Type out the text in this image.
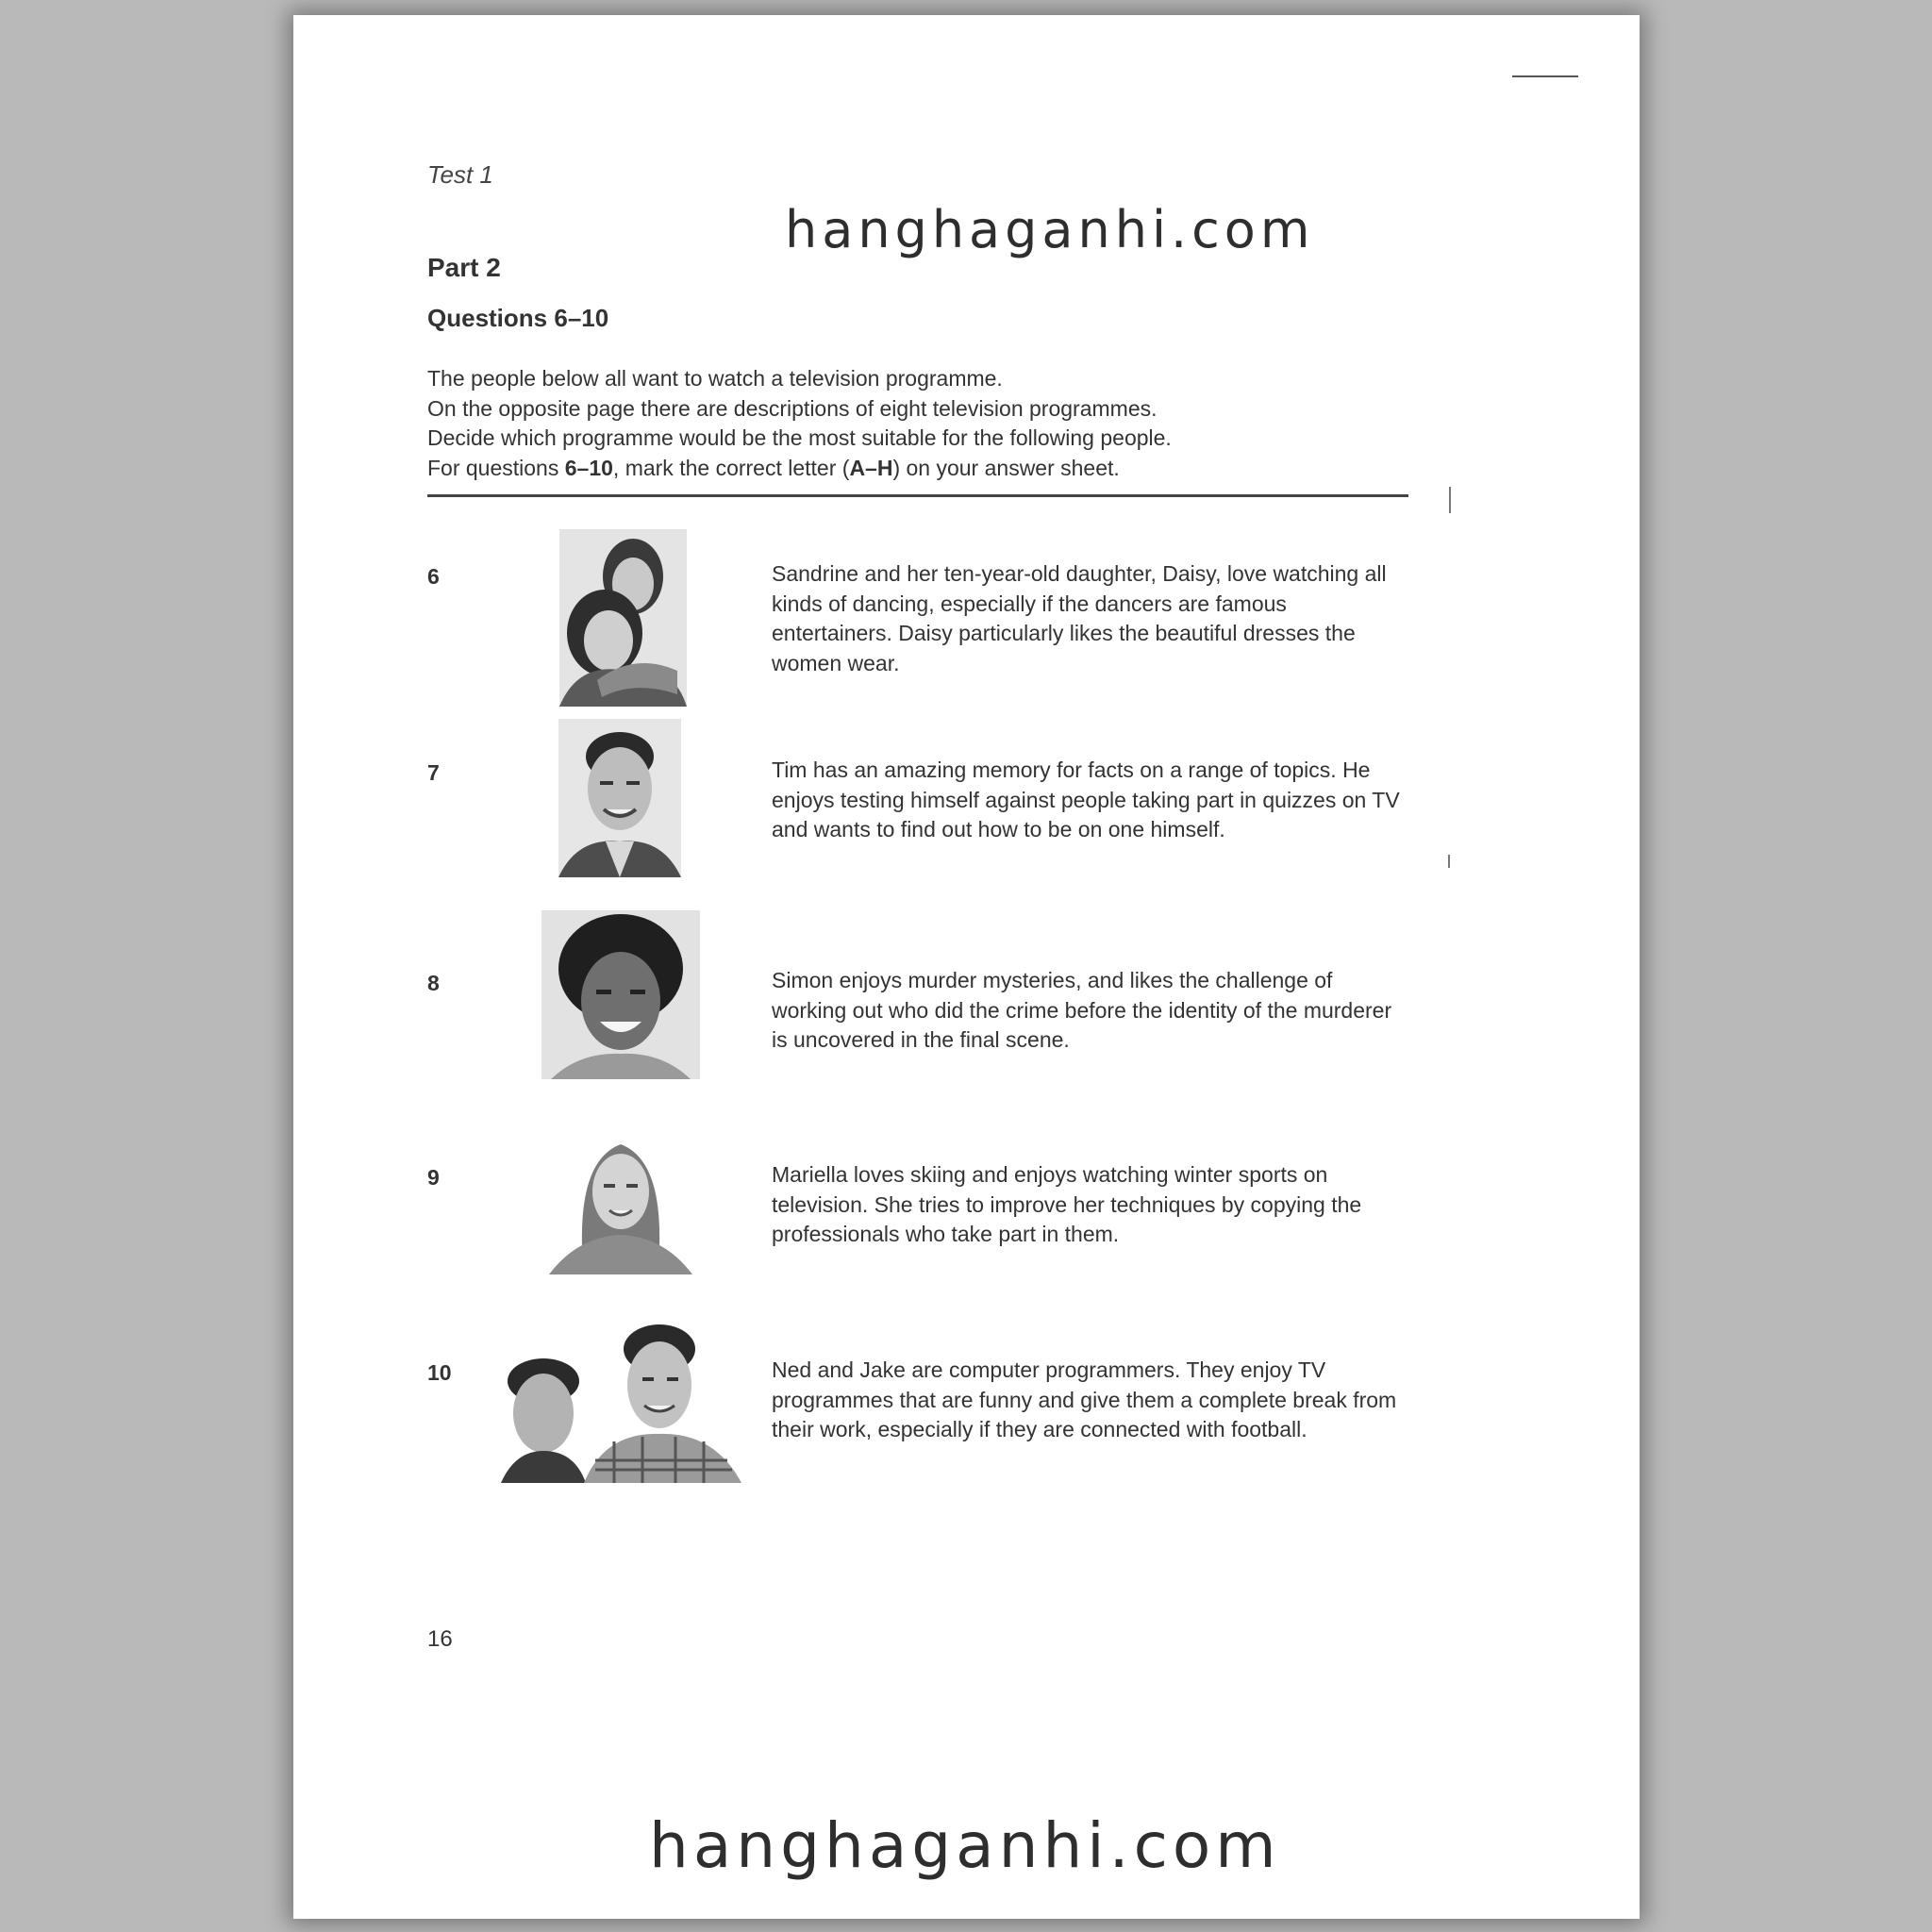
Test 1
Part 2
Questions 6–10

The people below all want to watch a television programme.

On the opposite page there are descriptions of eight television programmes.

Decide which programme would be the most suitable for the following people.

For questions 6–10, mark the correct letter (A–H) on your answer sheet.

6	Sandrine and her ten-year-old daughter, Daisy, love watching all kinds of dancing, especially if the dancers are famous entertainers. Daisy particularly likes the beautiful dresses the women wear.
7	Tim has an amazing memory for facts on a range of topics. He enjoys testing himself against people taking part in quizzes on TV and wants to find out how to be on one himself.
8	Simon enjoys murder mysteries, and likes the challenge of working out who did the crime before the identity of the murderer is uncovered in the final scene.
9	Mariella loves skiing and enjoys watching winter sports on television. She tries to improve her techniques by copying the professionals who take part in them.
10	Ned and Jake are computer programmers. They enjoy TV programmes that are funny and give them a complete break from their work, especially if they are connected with football.
16
hanghaganhi.com
hanghaganhi.com
